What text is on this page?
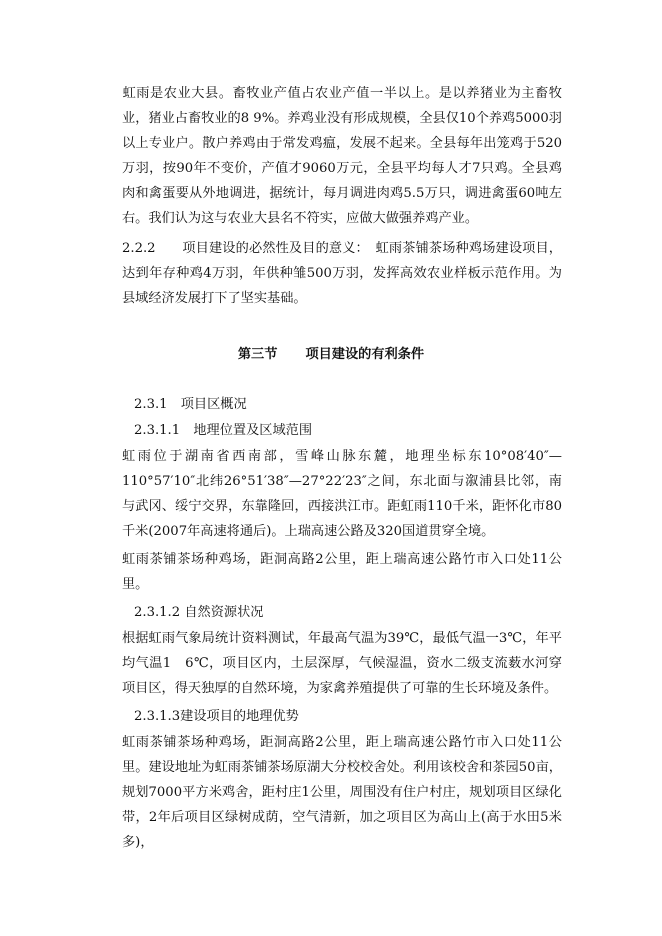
虹雨是农业大县。畜牧业产值占农业产值一半以上。是以养猪业为主畜牧业，猪业占畜牧业的8 9%。养鸡业没有形成规模，全县仅10个养鸡5000羽以上专业户。散户养鸡由于常发鸡瘟，发展不起来。全县每年出笼鸡于520万羽，按90年不变价，产值才9060万元，全县平均每人才7只鸡。全县鸡肉和禽蛋要从外地调进，据统计，每月调进肉鸡5.5万只，调进禽蛋60吨左右。我们认为这与农业大县名不符实，应做大做强养鸡产业。

2.2.2　　项目建设的必然性及目的意义：　虹雨茶铺茶场种鸡场建设项目，达到年存种鸡4万羽，年供种雏500万羽，发挥高效农业样板示范作用。为县域经济发展打下了坚实基础。

第三节 项目建设的有利条件

2.3.1　项目区概况

2.3.1.1　地理位置及区域范围

虹雨位于湖南省西南部，雪峰山脉东麓，地理坐标东10°08′40″—110°57′10″北纬26°51′38″—27°22′23″之间，东北面与溆浦县比邻，南与武冈、绥宁交界，东靠隆回，西接洪江市。距虹雨110千米，距怀化市80千米(2007年高速将通后)。上瑞高速公路及320国道贯穿全境。

虹雨茶铺茶场种鸡场，距洞高路2公里，距上瑞高速公路竹市入口处11公里。

2.3.1.2 自然资源状况

根据虹雨气象局统计资料测试，年最高气温为39℃，最低气温一3℃，年平均气温1　6℃，项目区内，土层深厚，气候湿温，资水二级支流薮水河穿项目区，得天独厚的自然环境，为家禽养殖提供了可靠的生长环境及条件。

2.3.1.3建设项目的地理优势

虹雨茶铺茶场种鸡场，距洞高路2公里，距上瑞高速公路竹市入口处11公里。建设地址为虹雨茶铺茶场原湖大分校校舍处。利用该校舍和茶园50亩，规划7000平方米鸡舍，距村庄1公里，周围没有住户村庄，规划项目区绿化带，2年后项目区绿树成荫，空气清新，加之项目区为高山上(高于水田5米多)，
